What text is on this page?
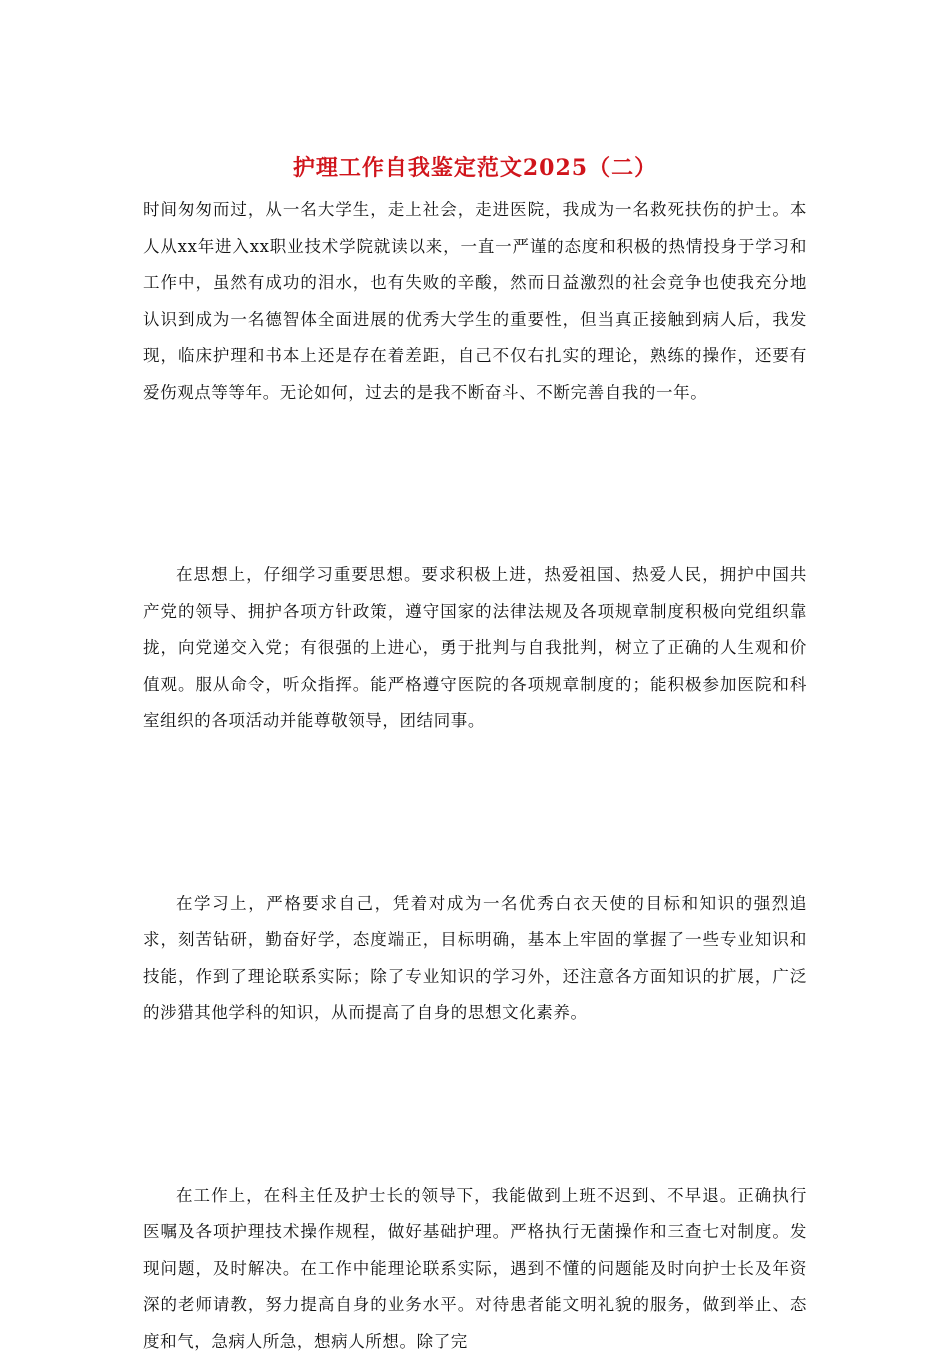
护理工作自我鉴定范文2025（二）

时间匆匆而过，从一名大学生，走上社会，走进医院，我成为一名救死扶伤的护士。本人从xx年进入xx职业技术学院就读以来，一直一严谨的态度和积极的热情投身于学习和工作中，虽然有成功的泪水，也有失败的辛酸，然而日益激烈的社会竞争也使我充分地认识到成为一名德智体全面进展的优秀大学生的重要性，但当真正接触到病人后，我发现，临床护理和书本上还是存在着差距，自己不仅右扎实的理论，熟练的操作，还要有爱伤观点等等年。无论如何，过去的是我不断奋斗、不断完善自我的一年。

在思想上，仔细学习重要思想。要求积极上进，热爱祖国、热爱人民，拥护中国共产党的领导、拥护各项方针政策，遵守国家的法律法规及各项规章制度积极向党组织靠拢，向党递交入党；有很强的上进心，勇于批判与自我批判，树立了正确的人生观和价值观。服从命令，听众指挥。能严格遵守医院的各项规章制度的；能积极参加医院和科室组织的各项活动并能尊敬领导，团结同事。

在学习上，严格要求自己，凭着对成为一名优秀白衣天使的目标和知识的强烈追求，刻苦钻研，勤奋好学，态度端正，目标明确，基本上牢固的掌握了一些专业知识和技能，作到了理论联系实际；除了专业知识的学习外，还注意各方面知识的扩展，广泛的涉猎其他学科的知识，从而提高了自身的思想文化素养。

在工作上，在科主任及护士长的领导下，我能做到上班不迟到、不早退。正确执行医嘱及各项护理技术操作规程，做好基础护理。严格执行无菌操作和三查七对制度。发现问题，及时解决。在工作中能理论联系实际，遇到不懂的问题能及时向护士长及年资深的老师请教，努力提高自身的业务水平。对待患者能文明礼貌的服务，做到举止、态度和气，急病人所急，想病人所想。除了完
